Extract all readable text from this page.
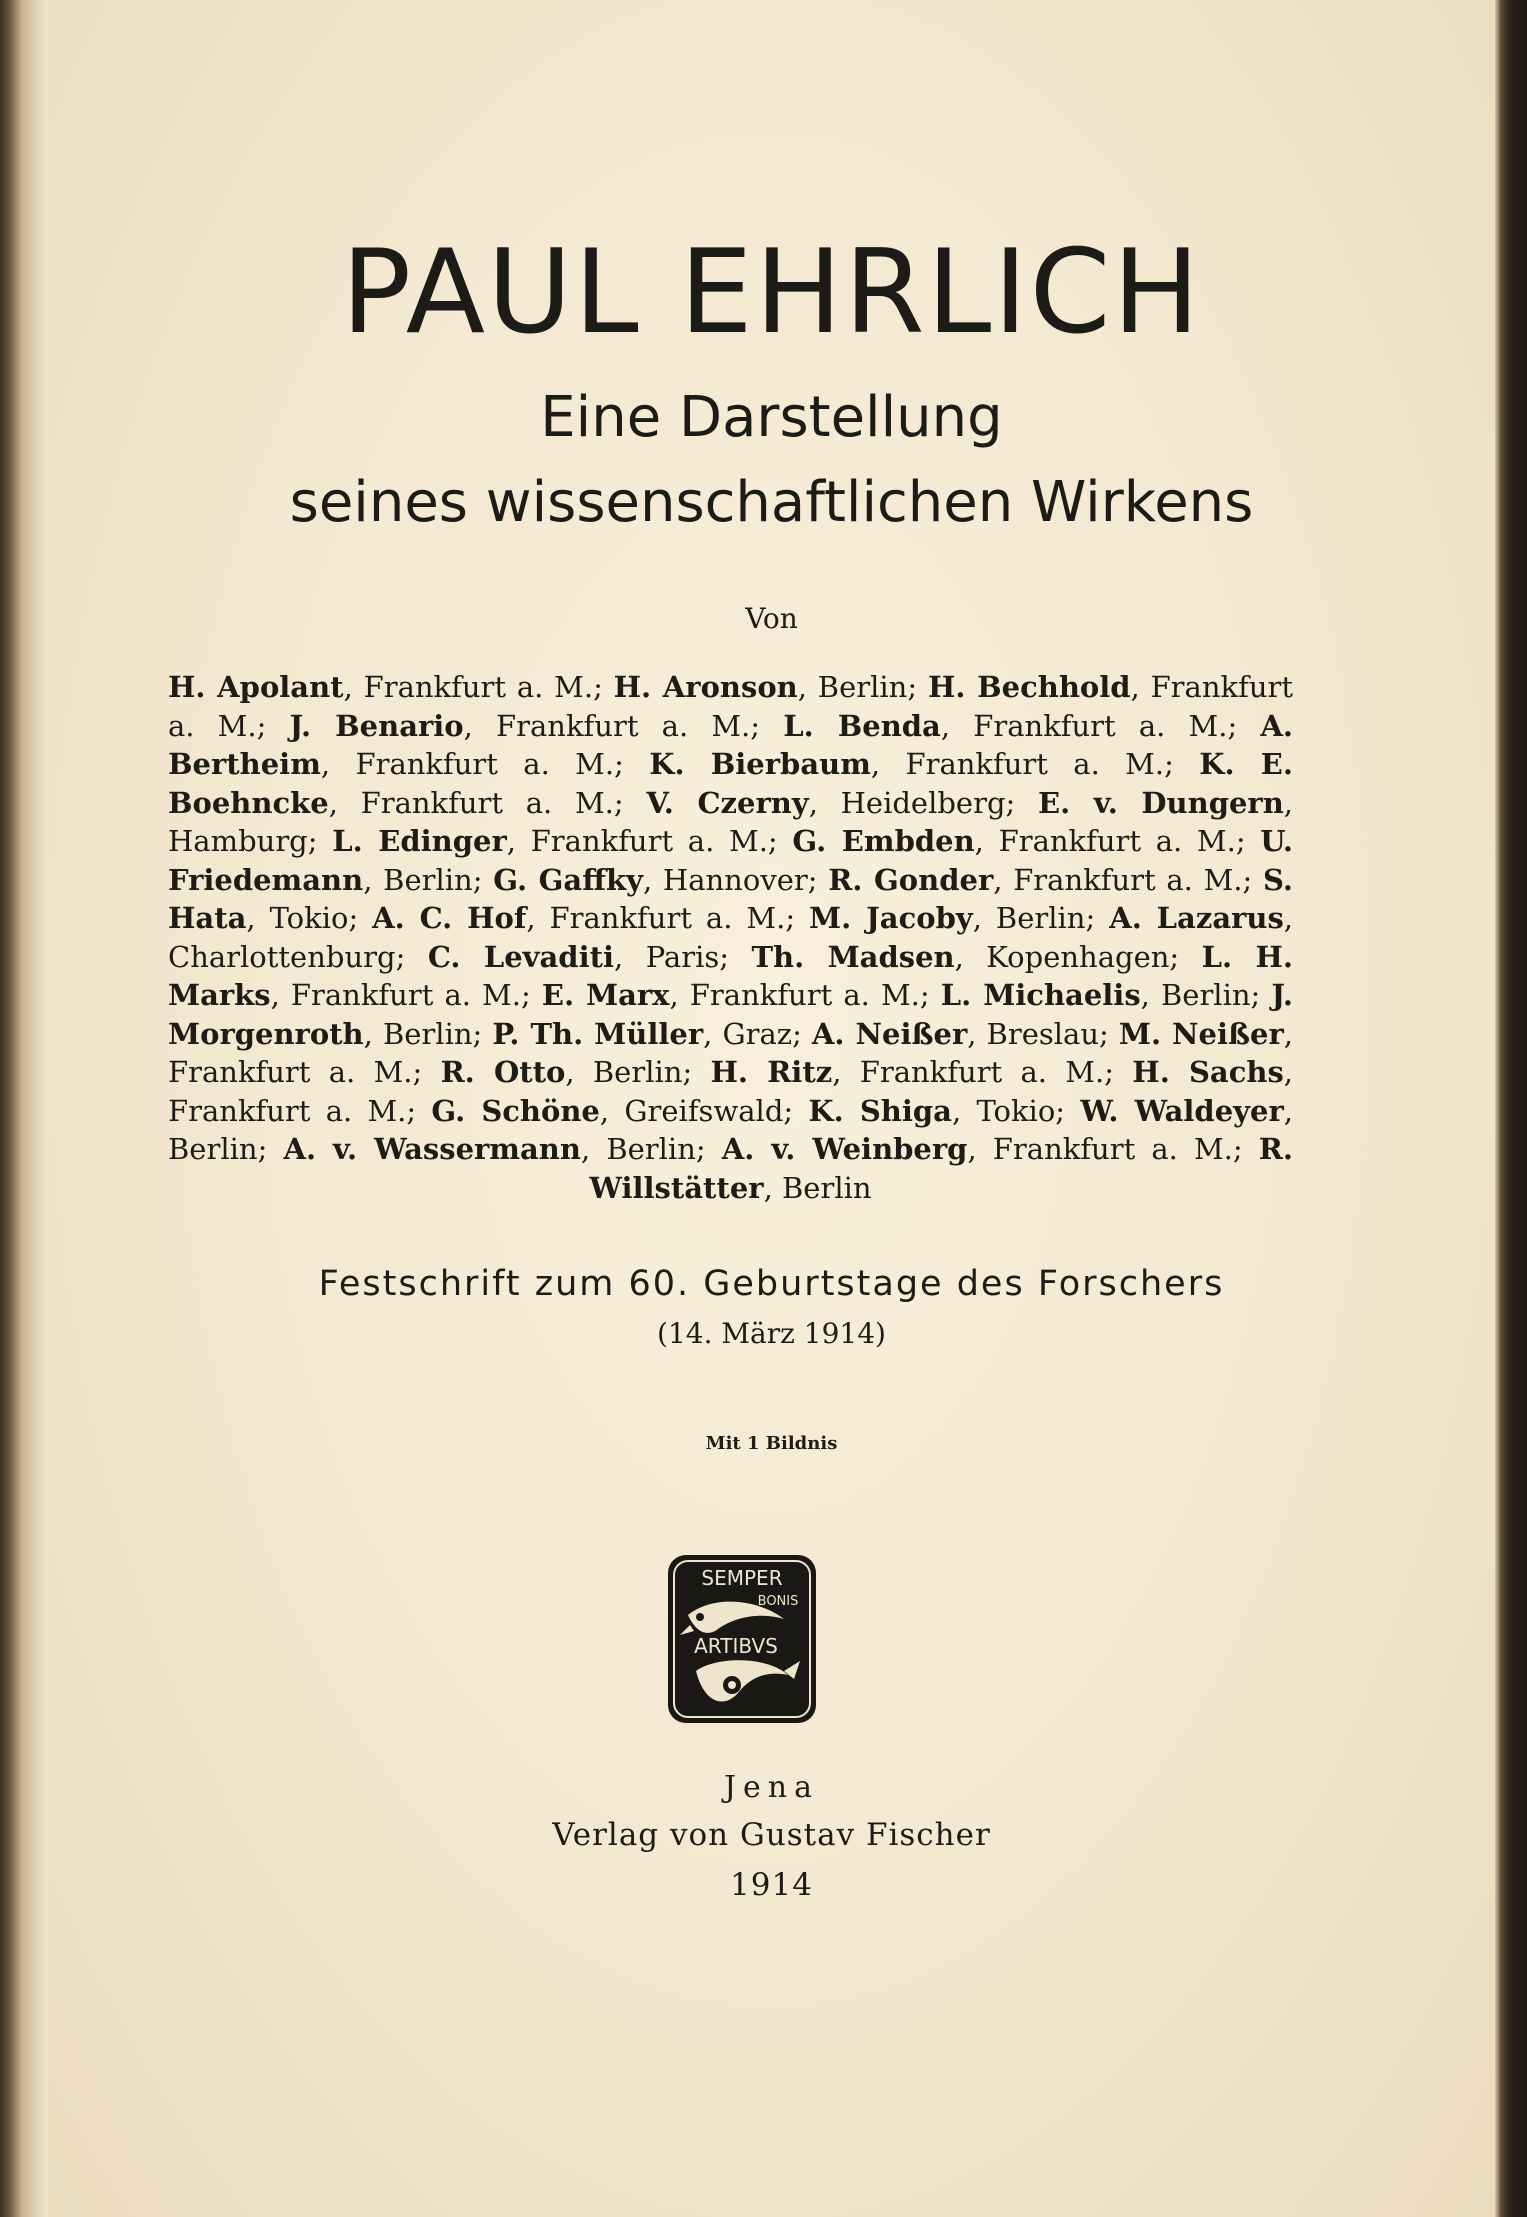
PAUL EHRLICH
Eine Darstellung
seines wissenschaftlichen Wirkens
Von
H. Apolant, Frankfurt a. M.; H. Aronson, Berlin; H. Bechhold, Frankfurt a. M.; J. Benario, Frankfurt a. M.; L. Benda, Frankfurt a. M.; A. Bertheim, Frankfurt a. M.; K. Bierbaum, Frankfurt a. M.; K. E. Boehncke, Frankfurt a. M.; V. Czerny, Heidelberg; E. v. Dungern, Hamburg; L. Edinger, Frankfurt a. M.; G. Embden, Frankfurt a. M.; U. Friedemann, Berlin; G. Gaffky, Hannover; R. Gonder, Frankfurt a. M.; S. Hata, Tokio; A. C. Hof, Frankfurt a. M.; M. Jacoby, Berlin; A. Lazarus, Charlottenburg; C. Levaditi, Paris; Th. Madsen, Kopenhagen; L. H. Marks, Frankfurt a. M.; E. Marx, Frankfurt a. M.; L. Michaelis, Berlin; J. Morgenroth, Berlin; P. Th. Müller, Graz; A. Neißer, Breslau; M. Neißer, Frankfurt a. M.; R. Otto, Berlin; H. Ritz, Frankfurt a. M.; H. Sachs, Frankfurt a. M.; G. Schöne, Greifswald; K. Shiga, Tokio; W. Waldeyer, Berlin; A. v. Wassermann, Berlin; A. v. Weinberg, Frankfurt a. M.; R. Willstätter, Berlin
Festschrift zum 60. Geburtstage des Forschers
(14. März 1914)
Mit 1 Bildnis
SEMPER
BONIS
ARTIBVS
Jena
Verlag von Gustav Fischer
1914
